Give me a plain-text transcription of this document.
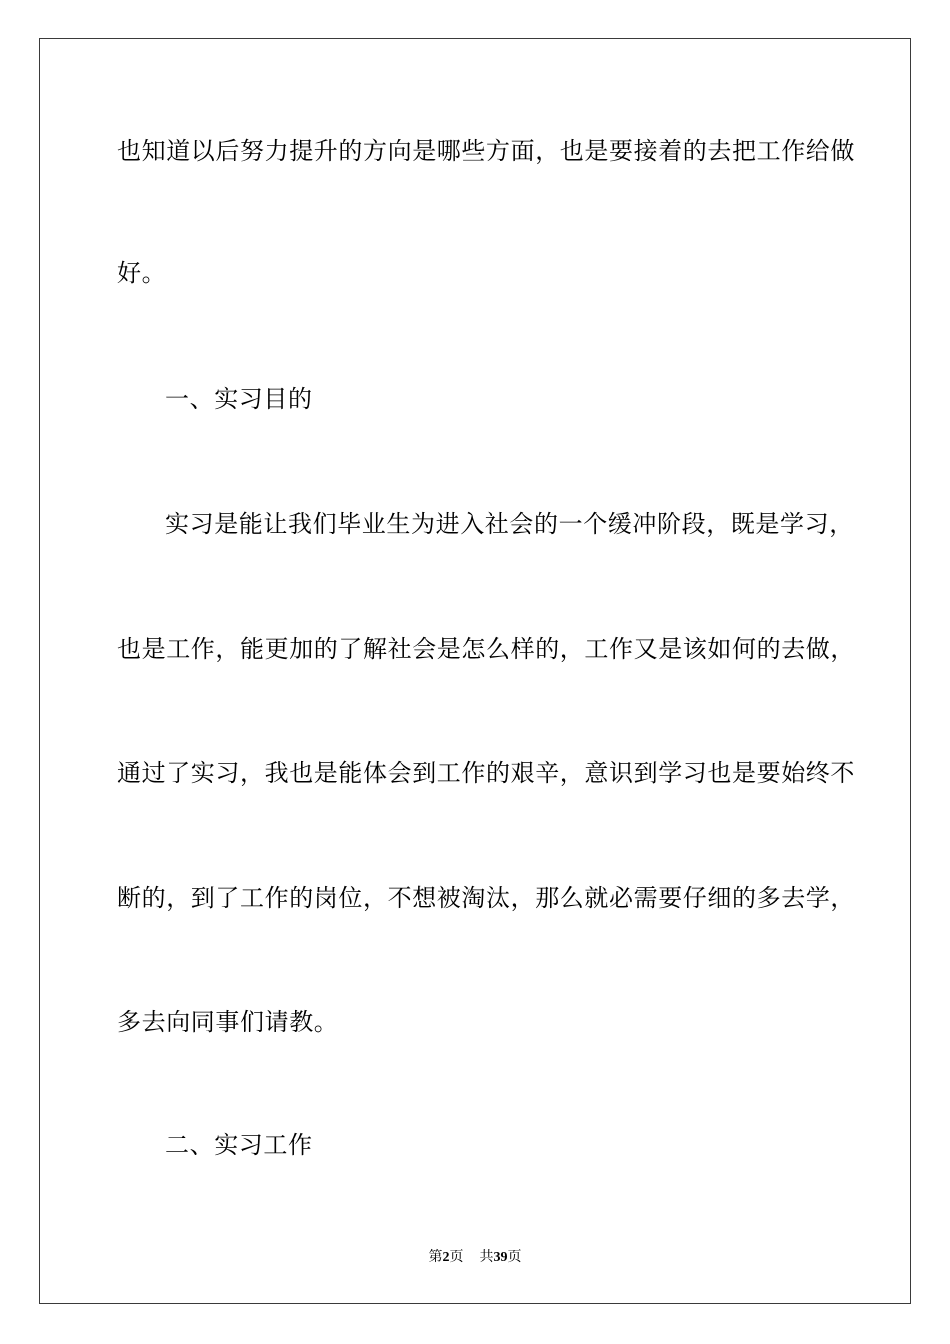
也知道以后努力提升的方向是哪些方面，也是要接着的去把工作给做
好。
一、实习目的
实习是能让我们毕业生为进入社会的一个缓冲阶段，既是学习，
也是工作，能更加的了解社会是怎么样的，工作又是该如何的去做，
通过了实习，我也是能体会到工作的艰辛，意识到学习也是要始终不
断的，到了工作的岗位，不想被淘汰，那么就必需要仔细的多去学，
多去向同事们请教。
二、实习工作
第2页 共39页
